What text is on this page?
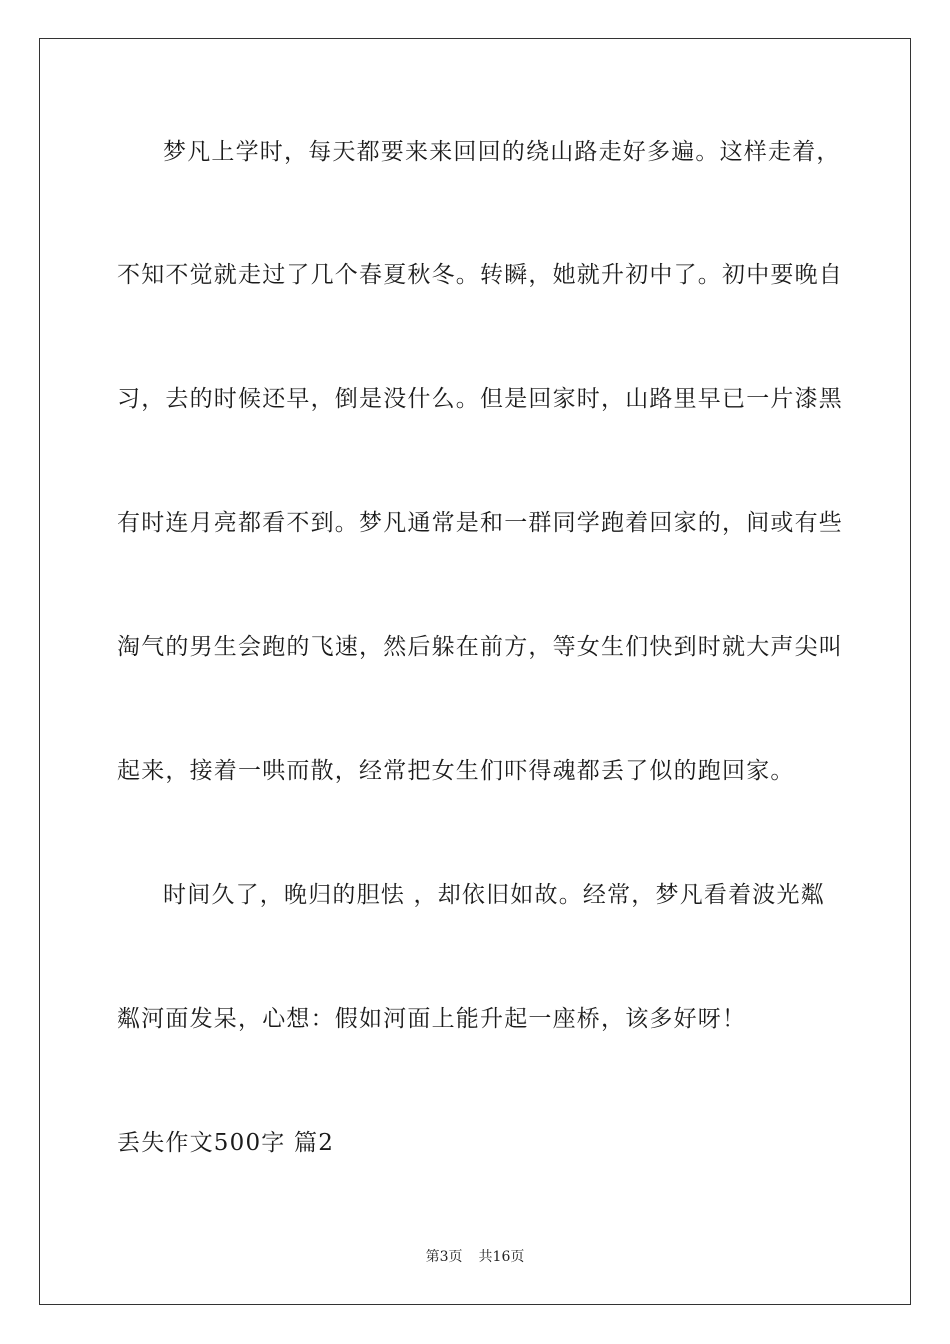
梦凡上学时，每天都要来来回回的绕山路走好多遍。这样走着，
不知不觉就走过了几个春夏秋冬。转瞬，她就升初中了。初中要晚自
习，去的时候还早，倒是没什么。但是回家时，山路里早已一片漆黑
有时连月亮都看不到。梦凡通常是和一群同学跑着回家的，间或有些
淘气的男生会跑的飞速，然后躲在前方，等女生们快到时就大声尖叫
起来，接着一哄而散，经常把女生们吓得魂都丢了似的跑回家。
时间久了，晚归的胆怯 ，却依旧如故。经常，梦凡看着波光粼
粼河面发呆，心想：假如河面上能升起一座桥，该多好呀！
丢失作文500字 篇2
第3页 共16页
